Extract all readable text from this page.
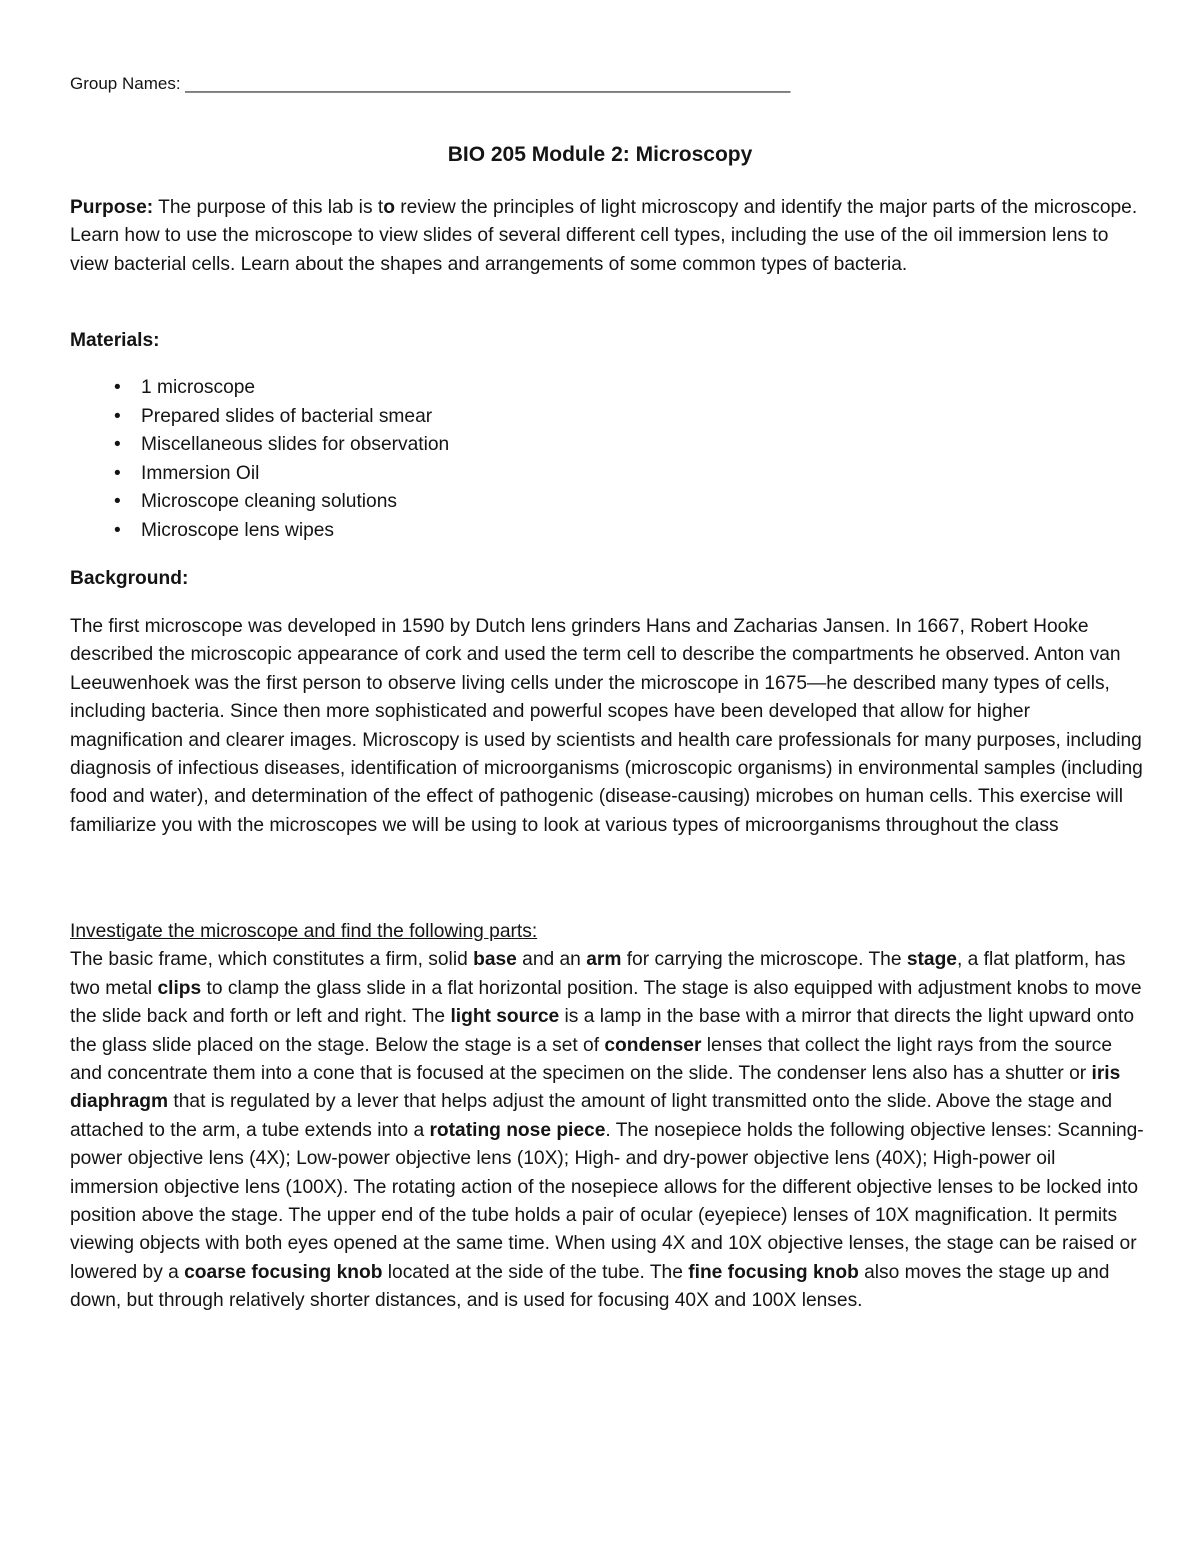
Group Names: ________________________________________________________________
BIO 205 Module 2: Microscopy
Purpose: The purpose of this lab is to review the principles of light microscopy and identify the major parts of the microscope. Learn how to use the microscope to view slides of several different cell types, including the use of the oil immersion lens to view bacterial cells. Learn about the shapes and arrangements of some common types of bacteria.
Materials:
• 1 microscope
• Prepared slides of bacterial smear
• Miscellaneous slides for observation
• Immersion Oil
• Microscope cleaning solutions
• Microscope lens wipes
Background:
The first microscope was developed in 1590 by Dutch lens grinders Hans and Zacharias Jansen. In 1667, Robert Hooke described the microscopic appearance of cork and used the term cell to describe the compartments he observed. Anton van Leeuwenhoek was the first person to observe living cells under the microscope in 1675—he described many types of cells, including bacteria. Since then more sophisticated and powerful scopes have been developed that allow for higher magnification and clearer images. Microscopy is used by scientists and health care professionals for many purposes, including diagnosis of infectious diseases, identification of microorganisms (microscopic organisms) in environmental samples (including food and water), and determination of the effect of pathogenic (disease-causing) microbes on human cells. This exercise will familiarize you with the microscopes we will be using to look at various types of microorganisms throughout the class
Investigate the microscope and find the following parts:
The basic frame, which constitutes a firm, solid base and an arm for carrying the microscope. The stage, a flat platform, has two metal clips to clamp the glass slide in a flat horizontal position. The stage is also equipped with adjustment knobs to move the slide back and forth or left and right. The light source is a lamp in the base with a mirror that directs the light upward onto the glass slide placed on the stage. Below the stage is a set of condenser lenses that collect the light rays from the source and concentrate them into a cone that is focused at the specimen on the slide. The condenser lens also has a shutter or iris diaphragm that is regulated by a lever that helps adjust the amount of light transmitted onto the slide. Above the stage and attached to the arm, a tube extends into a rotating nose piece. The nosepiece holds the following objective lenses: Scanning-power objective lens (4X); Low-power objective lens (10X); High- and dry-power objective lens (40X); High-power oil immersion objective lens (100X). The rotating action of the nosepiece allows for the different objective lenses to be locked into position above the stage. The upper end of the tube holds a pair of ocular (eyepiece) lenses of 10X magnification. It permits viewing objects with both eyes opened at the same time. When using 4X and 10X objective lenses, the stage can be raised or lowered by a coarse focusing knob located at the side of the tube. The fine focusing knob also moves the stage up and down, but through relatively shorter distances, and is used for focusing 40X and 100X lenses.
